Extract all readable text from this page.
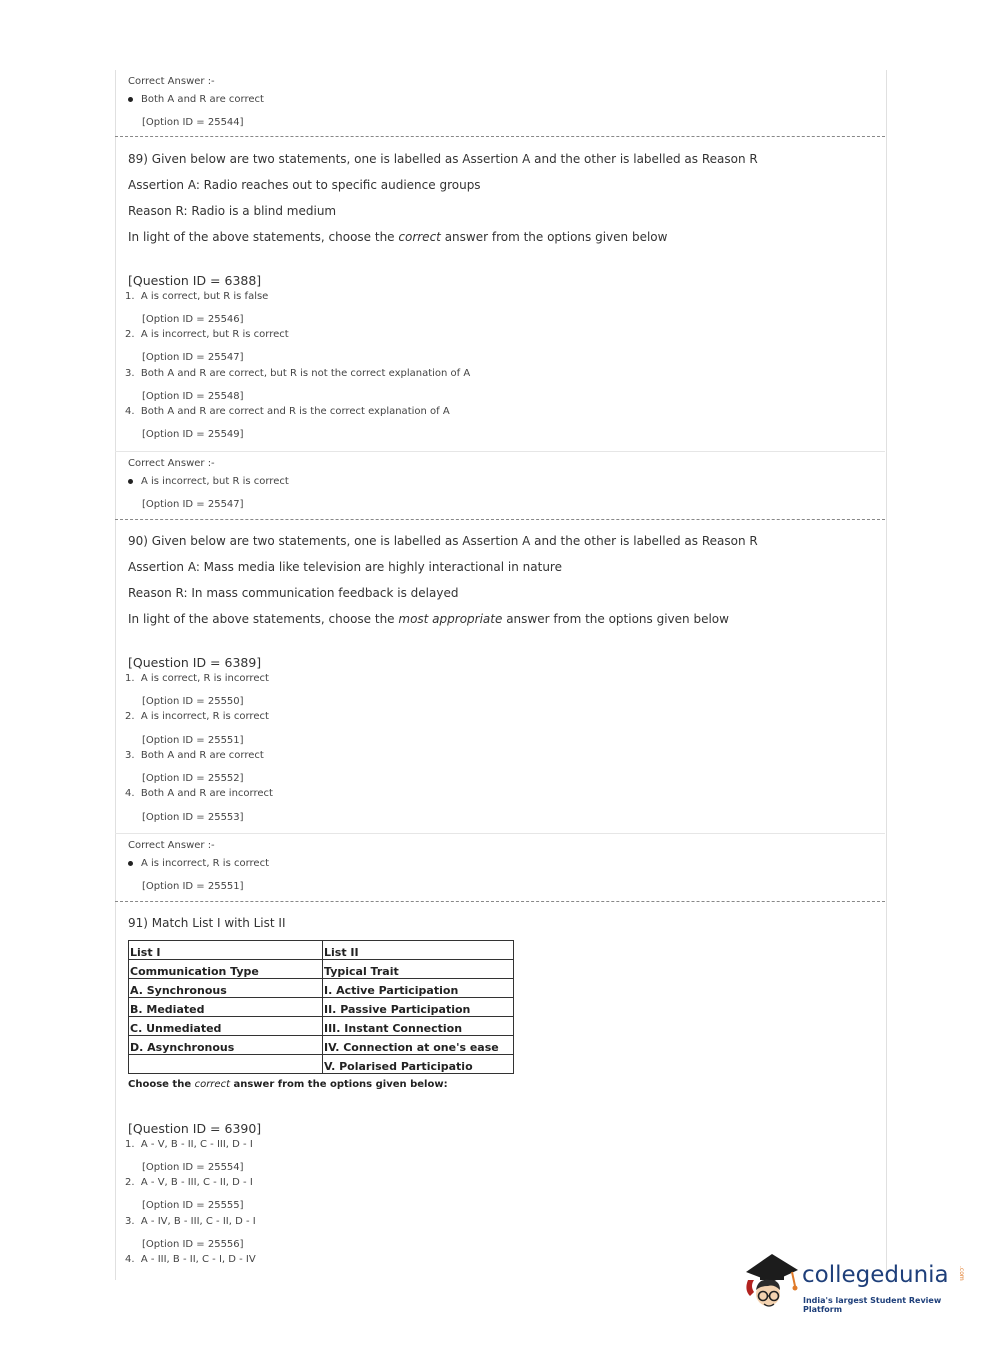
Correct Answer :-
Both A and R are correct
[Option ID = 25544]
89) Given below are two statements, one is labelled as Assertion A and the other is labelled as Reason R
Assertion A: Radio reaches out to specific audience groups
Reason R: Radio is a blind medium
In light of the above statements, choose the correct answer from the options given below
[Question ID = 6388]
1. A is correct, but R is false
[Option ID = 25546]
2. A is incorrect, but R is correct
[Option ID = 25547]
3. Both A and R are correct, but R is not the correct explanation of A
[Option ID = 25548]
4. Both A and R are correct and R is the correct explanation of A
[Option ID = 25549]
Correct Answer :-
A is incorrect, but R is correct
[Option ID = 25547]
90) Given below are two statements, one is labelled as Assertion A and the other is labelled as Reason R
Assertion A: Mass media like television are highly interactional in nature
Reason R: In mass communication feedback is delayed
In light of the above statements, choose the most appropriate answer from the options given below
[Question ID = 6389]
1. A is correct, R is incorrect
[Option ID = 25550]
2. A is incorrect, R is correct
[Option ID = 25551]
3. Both A and R are correct
[Option ID = 25552]
4. Both A and R are incorrect
[Option ID = 25553]
Correct Answer :-
A is incorrect, R is correct
[Option ID = 25551]
91) Match List I with List II
List I	List II
Communication Type	Typical Trait
A. Synchronous	I. Active Participation
B. Mediated	II. Passive Participation
C. Unmediated	III. Instant Connection
D. Asynchronous	IV. Connection at one's ease
	V. Polarised Participatio
Choose the correct answer from the options given below:
[Question ID = 6390]
1. A - V, B - II, C - III, D - I
[Option ID = 25554]
2. A - V, B - III, C - II, D - I
[Option ID = 25555]
3. A - IV, B - III, C - II, D - I
[Option ID = 25556]
4. A - III, B - II, C - I, D - IV
collegedunia .com
India's largest Student Review Platform
